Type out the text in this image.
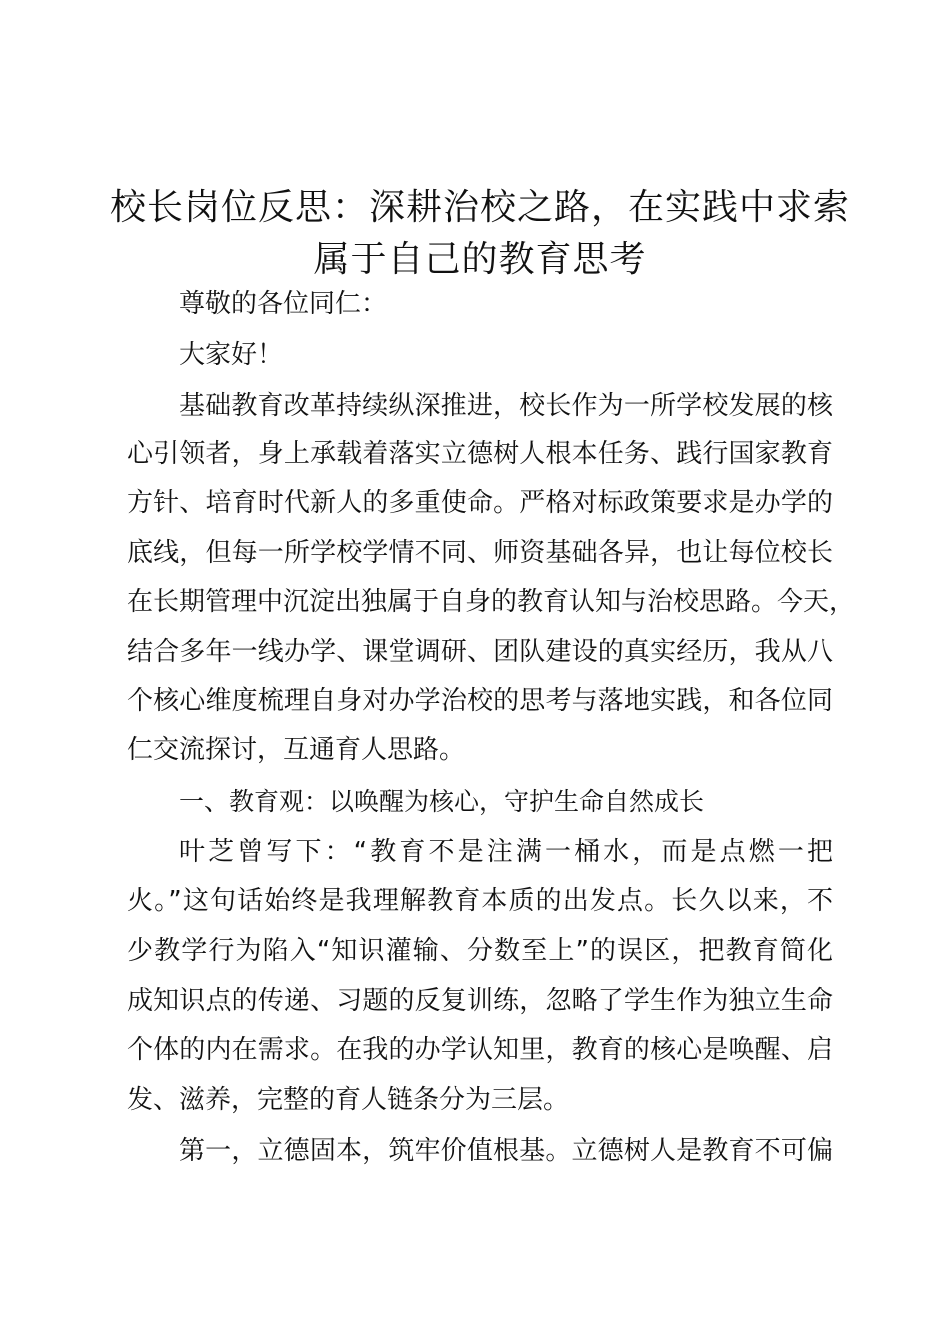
校长岗位反思：深耕治校之路，在实践中求索
属于自己的教育思考
尊敬的各位同仁：
大家好！
基础教育改革持续纵深推进，校长作为一所学校发展的核
心引领者，身上承载着落实立德树人根本任务、践行国家教育
方针、培育时代新人的多重使命。严格对标政策要求是办学的
底线，但每一所学校学情不同、师资基础各异，也让每位校长
在长期管理中沉淀出独属于自身的教育认知与治校思路。今天，
结合多年一线办学、课堂调研、团队建设的真实经历，我从八
个核心维度梳理自身对办学治校的思考与落地实践，和各位同
仁交流探讨，互通育人思路。
一、教育观：以唤醒为核心，守护生命自然成长
叶芝曾写下：“教育不是注满一桶水，而是点燃一把
火。”这句话始终是我理解教育本质的出发点。长久以来，不
少教学行为陷入“知识灌输、分数至上”的误区，把教育简化
成知识点的传递、习题的反复训练，忽略了学生作为独立生命
个体的内在需求。在我的办学认知里，教育的核心是唤醒、启
发、滋养，完整的育人链条分为三层。
第一，立德固本，筑牢价值根基。立德树人是教育不可偏
